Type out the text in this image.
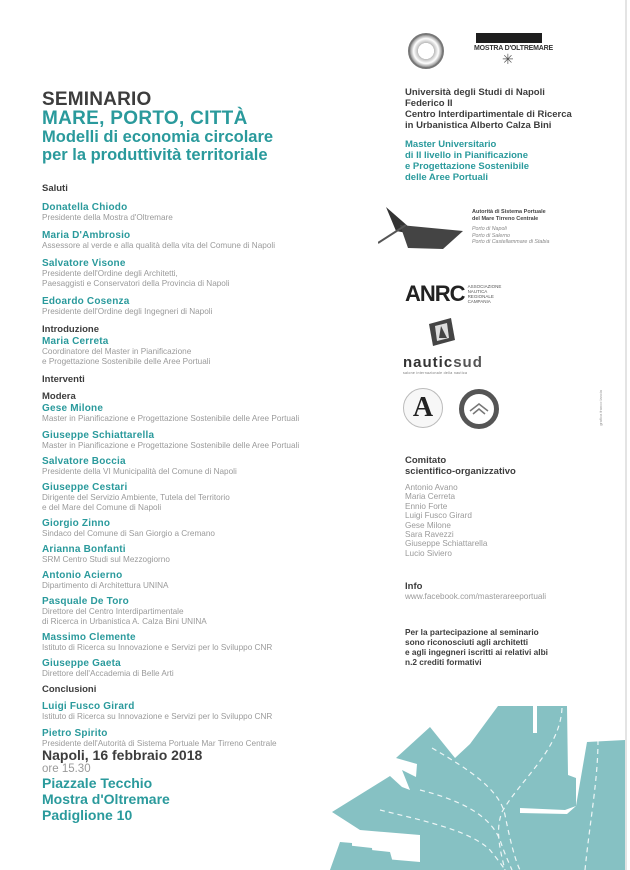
SEMINARIO
MARE, PORTO, CITTÀ
Modelli di economia circolare
per la produttività territoriale
Saluti
Donatella Chiodo
Presidente della Mostra d'Oltremare
Maria D'Ambrosio
Assessore al verde e alla qualità della vita del Comune di Napoli
Salvatore Visone
Presidente dell'Ordine degli Architetti,
Paesaggisti e Conservatori della Provincia di Napoli
Edoardo Cosenza
Presidente dell'Ordine degli Ingegneri di Napoli
Introduzione
Maria Cerreta
Coordinatore del Master in Pianificazione
e Progettazione Sostenibile delle Aree Portuali
Interventi
Modera
Gese Milone
Master in Pianificazione e Progettazione Sostenibile delle Aree Portuali
Giuseppe Schiattarella
Master in Pianificazione e Progettazione Sostenibile delle Aree Portuali
Salvatore Boccia
Presidente della VI Municipalità del Comune di Napoli
Giuseppe Cestari
Dirigente del Servizio Ambiente, Tutela del Territorio
e del Mare del Comune di Napoli
Giorgio Zinno
Sindaco del Comune di San Giorgio a Cremano
Arianna Bonfanti
SRM Centro Studi sul Mezzogiorno
Antonio Acierno
Dipartimento di Architettura UNINA
Pasquale De Toro
Direttore del Centro Interdipartimentale
di Ricerca in Urbanistica A. Calza Bini UNINA
Massimo Clemente
Istituto di Ricerca su Innovazione e Servizi per lo Sviluppo CNR
Giuseppe Gaeta
Direttore dell'Accademia di Belle Arti
Conclusioni
Luigi Fusco Girard
Istituto di Ricerca su Innovazione e Servizi per lo Sviluppo CNR
Pietro Spirito
Presidente dell'Autorità di Sistema Portuale Mar Tirreno Centrale
Napoli, 16 febbraio 2018
ore 15.30
Piazzale Tecchio
Mostra d'Oltremare
Padiglione 10
MOSTRA D'OLTREMARE
✳
Università degli Studi di Napoli
Federico II
Centro Interdipartimentale di Ricerca
in Urbanistica Alberto Calza Bini
Master Universitario
di II livello in Pianificazione
e Progettazione Sostenibile
delle Aree Portuali
Autorità di Sistema Portuale
del Mare Tirreno Centrale
Porto di Napoli
Porto di Salerno
Porto di Castellammare di Stabia
ANRC ASSOCIAZIONE
NAUTICA
REGIONALE
CAMPANIA
nauticsud
salone internazionale della nautica
A	grafica franco lancia
Comitato
scientifico-organizzativo
Antonio Avano
Maria Cerreta
Ennio Forte
Luigi Fusco Girard
Gese Milone
Sara Ravezzi
Giuseppe Schiattarella
Lucio Siviero
Info
www.facebook.com/masterareeportuali
Per la partecipazione al seminario
sono riconosciuti agli architetti
e agli ingegneri iscritti ai relativi albi
n.2 crediti formativi
